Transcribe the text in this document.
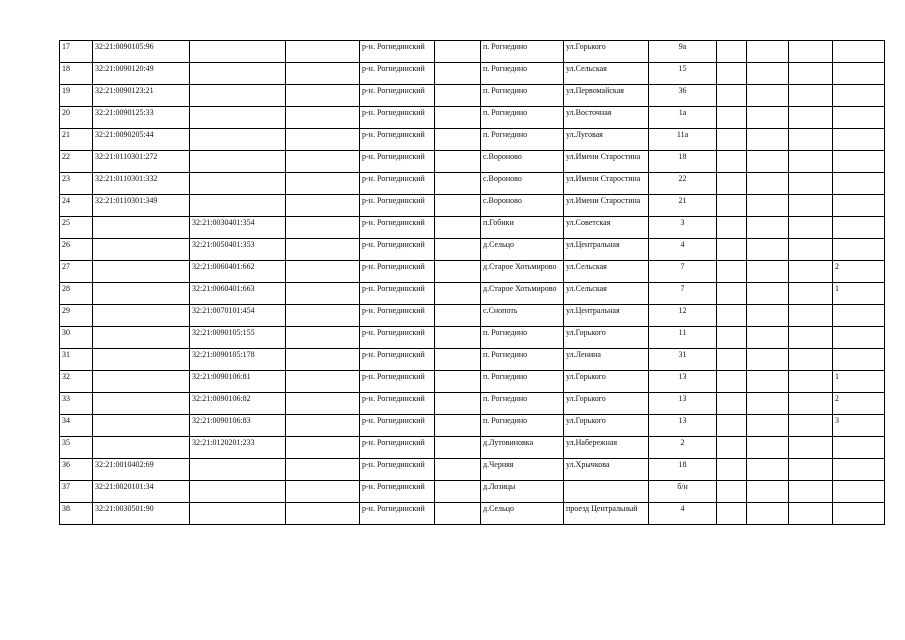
17	32:21:0090105:96			р-н. Рогнединский		п. Рогнедино	ул.Горького	9а				
18	32:21:0090120:49			р-н. Рогнединский		п. Рогнедино	ул.Сельская	15				
19	32:21:0090123:21			р-н. Рогнединский		п. Рогнедино	ул.Первомайская	36				
20	32:21:0090125:33			р-н. Рогнединский		п. Рогнедино	ул.Восточная	1а				
21	32:21:0090205:44			р-н. Рогнединский		п. Рогнедино	ул.Луговая	11а				
22	32:21:0110301:272			р-н. Рогнединский		с.Вороново	ул.Имени Старостина	18				
23	32:21:0110301:332			р-н. Рогнединский		с.Вороново	ул.Имени Старостина	22				
24	32:21:0110301:349			р-н. Рогнединский		с.Вороново	ул.Имени Старостина	21				
25		32:21:0030401:354		р-н. Рогнединский		п.Гобики	ул.Советская	3				
26		32:21:0050401:353		р-н. Рогнединский		д.Сельцо	ул.Центральная	4				
27		32:21:0060401:662		р-н. Рогнединский		д.Старое Хотьмирово	ул.Сельская	7				2
28		32:21:0060401:663		р-н. Рогнединский		д.Старое Хотьмирово	ул.Сельская	7				1
29		32:21:0070101:454		р-н. Рогнединский		с.Снопоть	ул.Центральная	12				
30		32:21:0090105:155		р-н. Рогнединский		п. Рогнедино	ул.Горького	11				
31		32:21:0090105:178		р-н. Рогнединский		п. Рогнедино	ул.Ленина	31				
32		32:21:0090106:81		р-н. Рогнединский		п. Рогнедино	ул.Горького	13				1
33		32:21:0090106:82		р-н. Рогнединский		п. Рогнедино	ул.Горького	13				2
34		32:21:0090106:83		р-н. Рогнединский		п. Рогнедино	ул.Горького	13				3
35		32:21:0120201:233		р-н. Рогнединский		д.Лутовиновка	ул.Набережная	2				
36	32:21:0010402:69			р-н. Рогнединский		д.Черняя	ул.Хрычкова	18				
37	32:21:0020101:34			р-н. Рогнединский		д.Лозицы		б/н				
38	32:21:0030501:90			р-н. Рогнединский		д.Сельцо	проезд Центральный	4				
